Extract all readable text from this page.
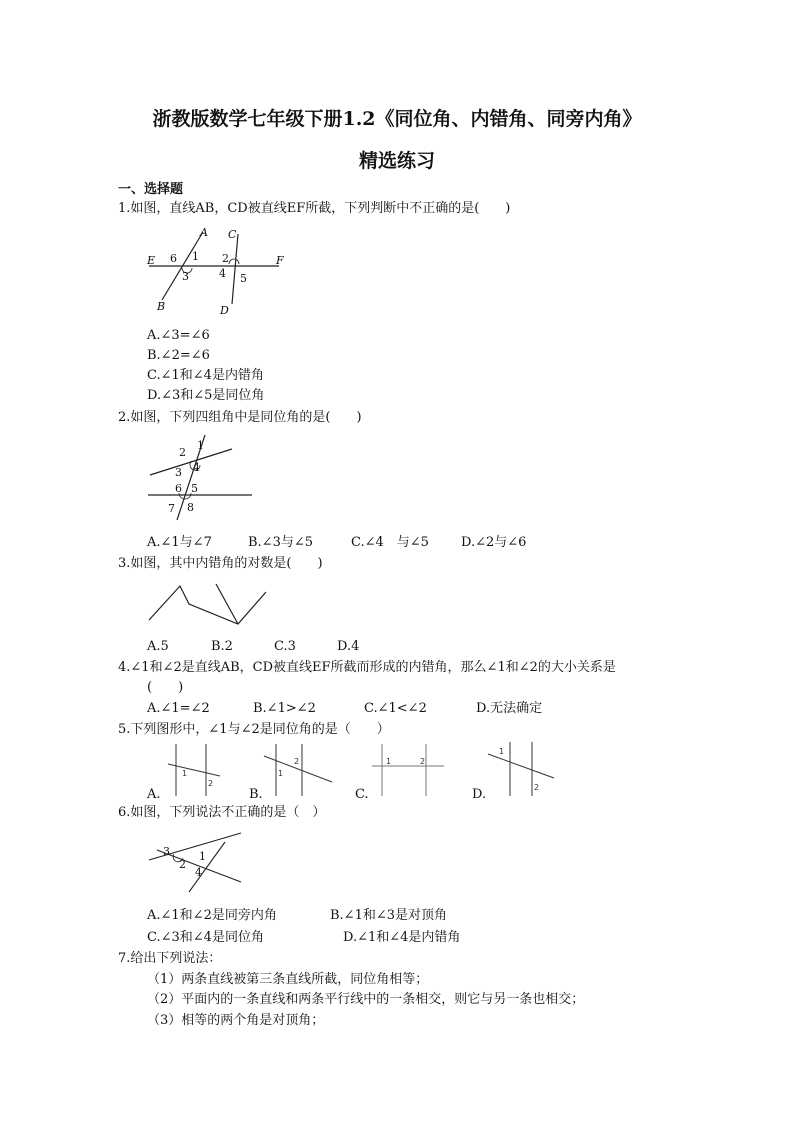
浙教版数学七年级下册1.2《同位角、内错角、同旁内角》
精选练习
一、选择题
1.如图，直线AB，CD被直线EF所截，下列判断中不正确的是(　　)
A
B
C
D
E	F
6 1
3
2
4 5
A.∠3=∠6
B.∠2=∠6
C.∠1和∠4是内错角
D.∠3和∠5是同位角
2.如图，下列四组角中是同位角的是(　　)
1
2
3 4
5
6
7 8
A.∠1与∠7	B.∠3与∠5	C.∠4　与∠5 D.∠2与∠6
3.如图，其中内错角的对数是(　　)
A.5	B.2	C.3	D.4
4.∠1和∠2是直线AB，CD被直线EF所截而形成的内错角，那么∠1和∠2的大小关系是
(　　)
A.∠1=∠2	B.∠1>∠2	C.∠1<∠2	D.无法确定
5.下列图形中，∠1与∠2是同位角的是（　　）
A.
1
2
B.
1
2
C.
1	2
D.
1
2
6.如图，下列说法不正确的是（　）
3	1
2
4
A.∠1和∠2是同旁内角	B.∠1和∠3是对顶角
C.∠3和∠4是同位角	D.∠1和∠4是内错角
7.给出下列说法：
（1）两条直线被第三条直线所截，同位角相等；
（2）平面内的一条直线和两条平行线中的一条相交，则它与另一条也相交；
（3）相等的两个角是对顶角；
